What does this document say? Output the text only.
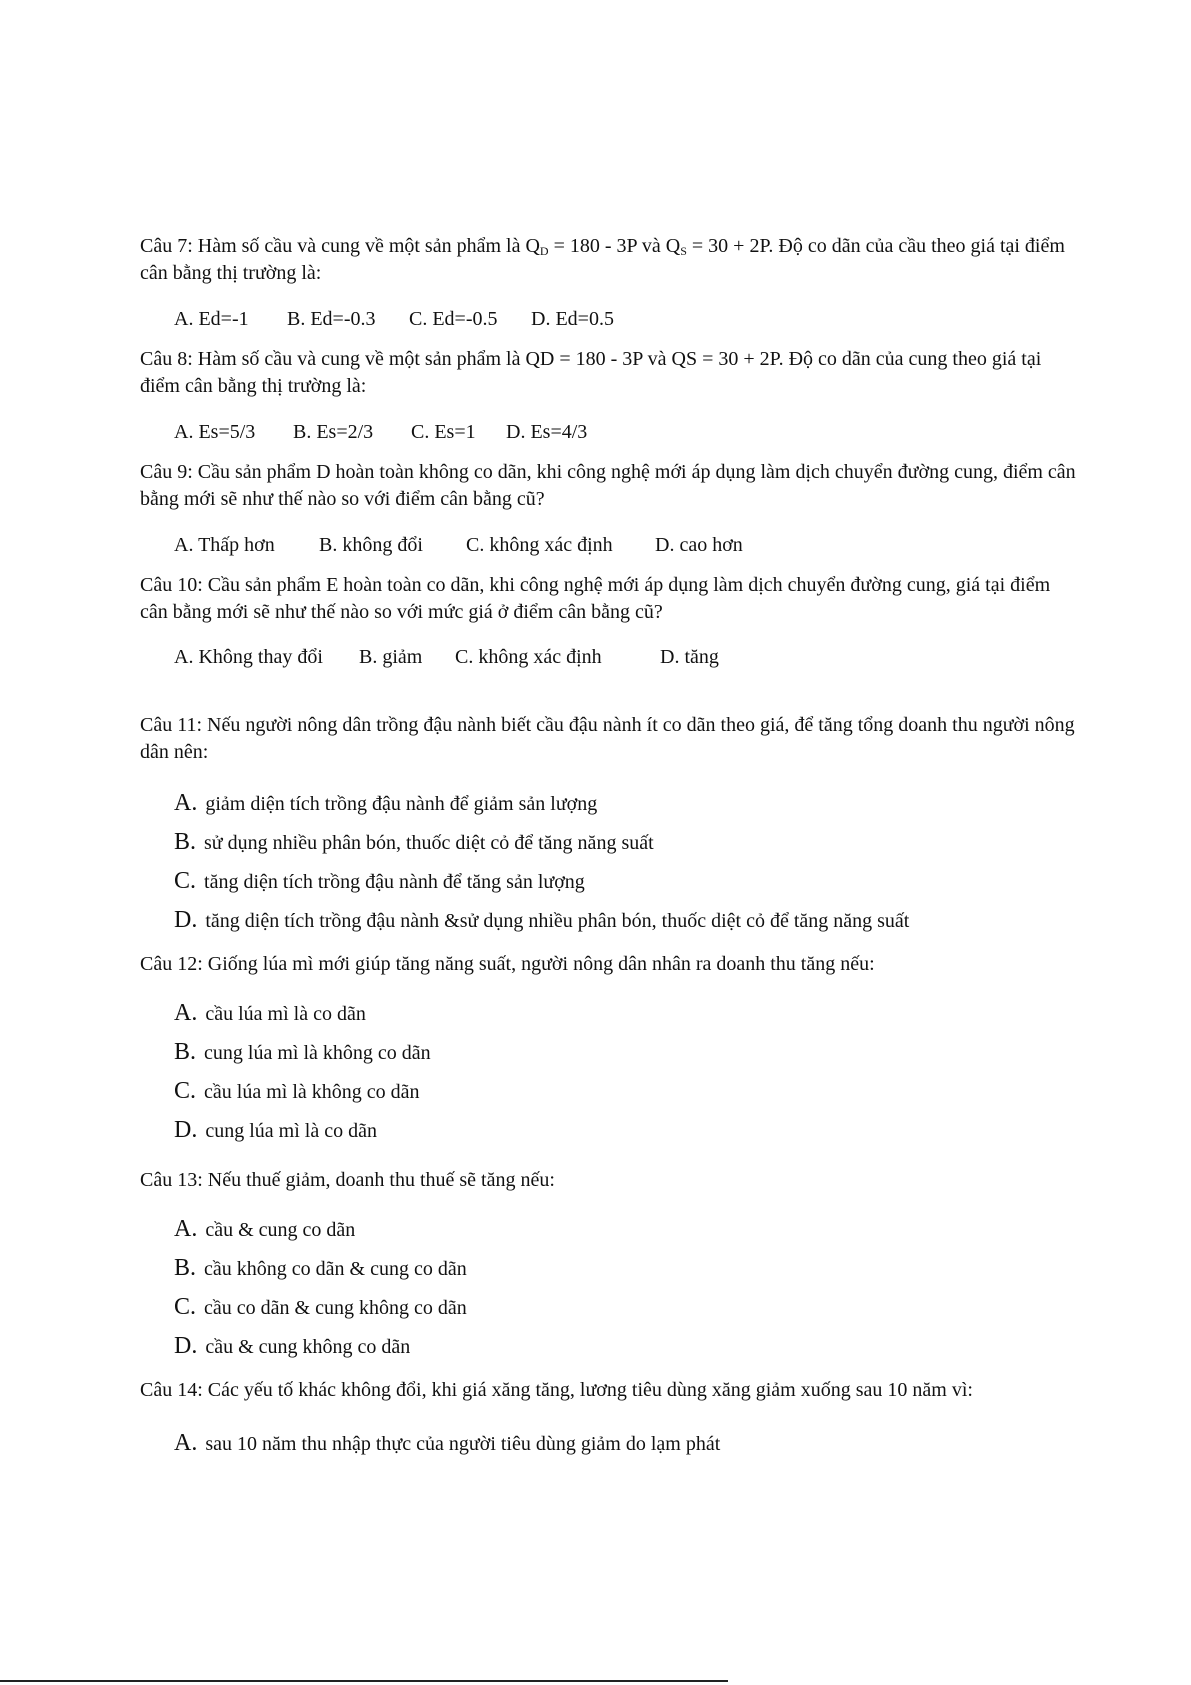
Câu 7: Hàm số cầu và cung về một sản phẩm là $Q_D = 180 - 3P$ và $Q_S = 30 + 2P$. Độ co dãn của cầu theo giá tại điểm cân bằng thị trường là:

A. Ed=-1 B. Ed=-0.3 C. Ed=-0.5 D. Ed=0.5

Câu 8: Hàm số cầu và cung về một sản phẩm là QD = 180 - 3P và QS = 30 + 2P. Độ co dãn của cung theo giá tại điểm cân bằng thị trường là:

A. Es=5/3 B. Es=2/3 C. Es=1 D. Es=4/3

Câu 9: Cầu sản phẩm D hoàn toàn không co dãn, khi công nghệ mới áp dụng làm dịch chuyển đường cung, điểm cân bằng mới sẽ như thế nào so với điểm cân bằng cũ?

A. Thấp hơn B. không đổi C. không xác định D. cao hơn

Câu 10: Cầu sản phẩm E hoàn toàn co dãn, khi công nghệ mới áp dụng làm dịch chuyển đường cung, giá tại điểm cân bằng mới sẽ như thế nào so với mức giá ở điểm cân bằng cũ?

A. Không thay đổi B. giảm C. không xác định	D. tăng

Câu 11: Nếu người nông dân trồng đậu nành biết cầu đậu nành ít co dãn theo giá, để tăng tổng doanh thu người nông dân nên:

A. giảm diện tích trồng đậu nành để giảm sản lượng

B. sử dụng nhiều phân bón, thuốc diệt cỏ để tăng năng suất

C. tăng diện tích trồng đậu nành để tăng sản lượng

D. tăng diện tích trồng đậu nành &sử dụng nhiều phân bón, thuốc diệt cỏ để tăng năng suất

Câu 12: Giống lúa mì mới giúp tăng năng suất, người nông dân nhân ra doanh thu tăng nếu:

A. cầu lúa mì là co dãn

B. cung lúa mì là không co dãn

C. cầu lúa mì là không co dãn

D. cung lúa mì là co dãn

Câu 13: Nếu thuế giảm, doanh thu thuế sẽ tăng nếu:

A. cầu & cung co dãn

B. cầu không co dãn & cung co dãn

C. cầu co dãn & cung không co dãn

D. cầu & cung không co dãn

Câu 14: Các yếu tố khác không đổi, khi giá xăng tăng, lương tiêu dùng xăng giảm xuống sau 10 năm vì:

A. sau 10 năm thu nhập thực của người tiêu dùng giảm do lạm phát
